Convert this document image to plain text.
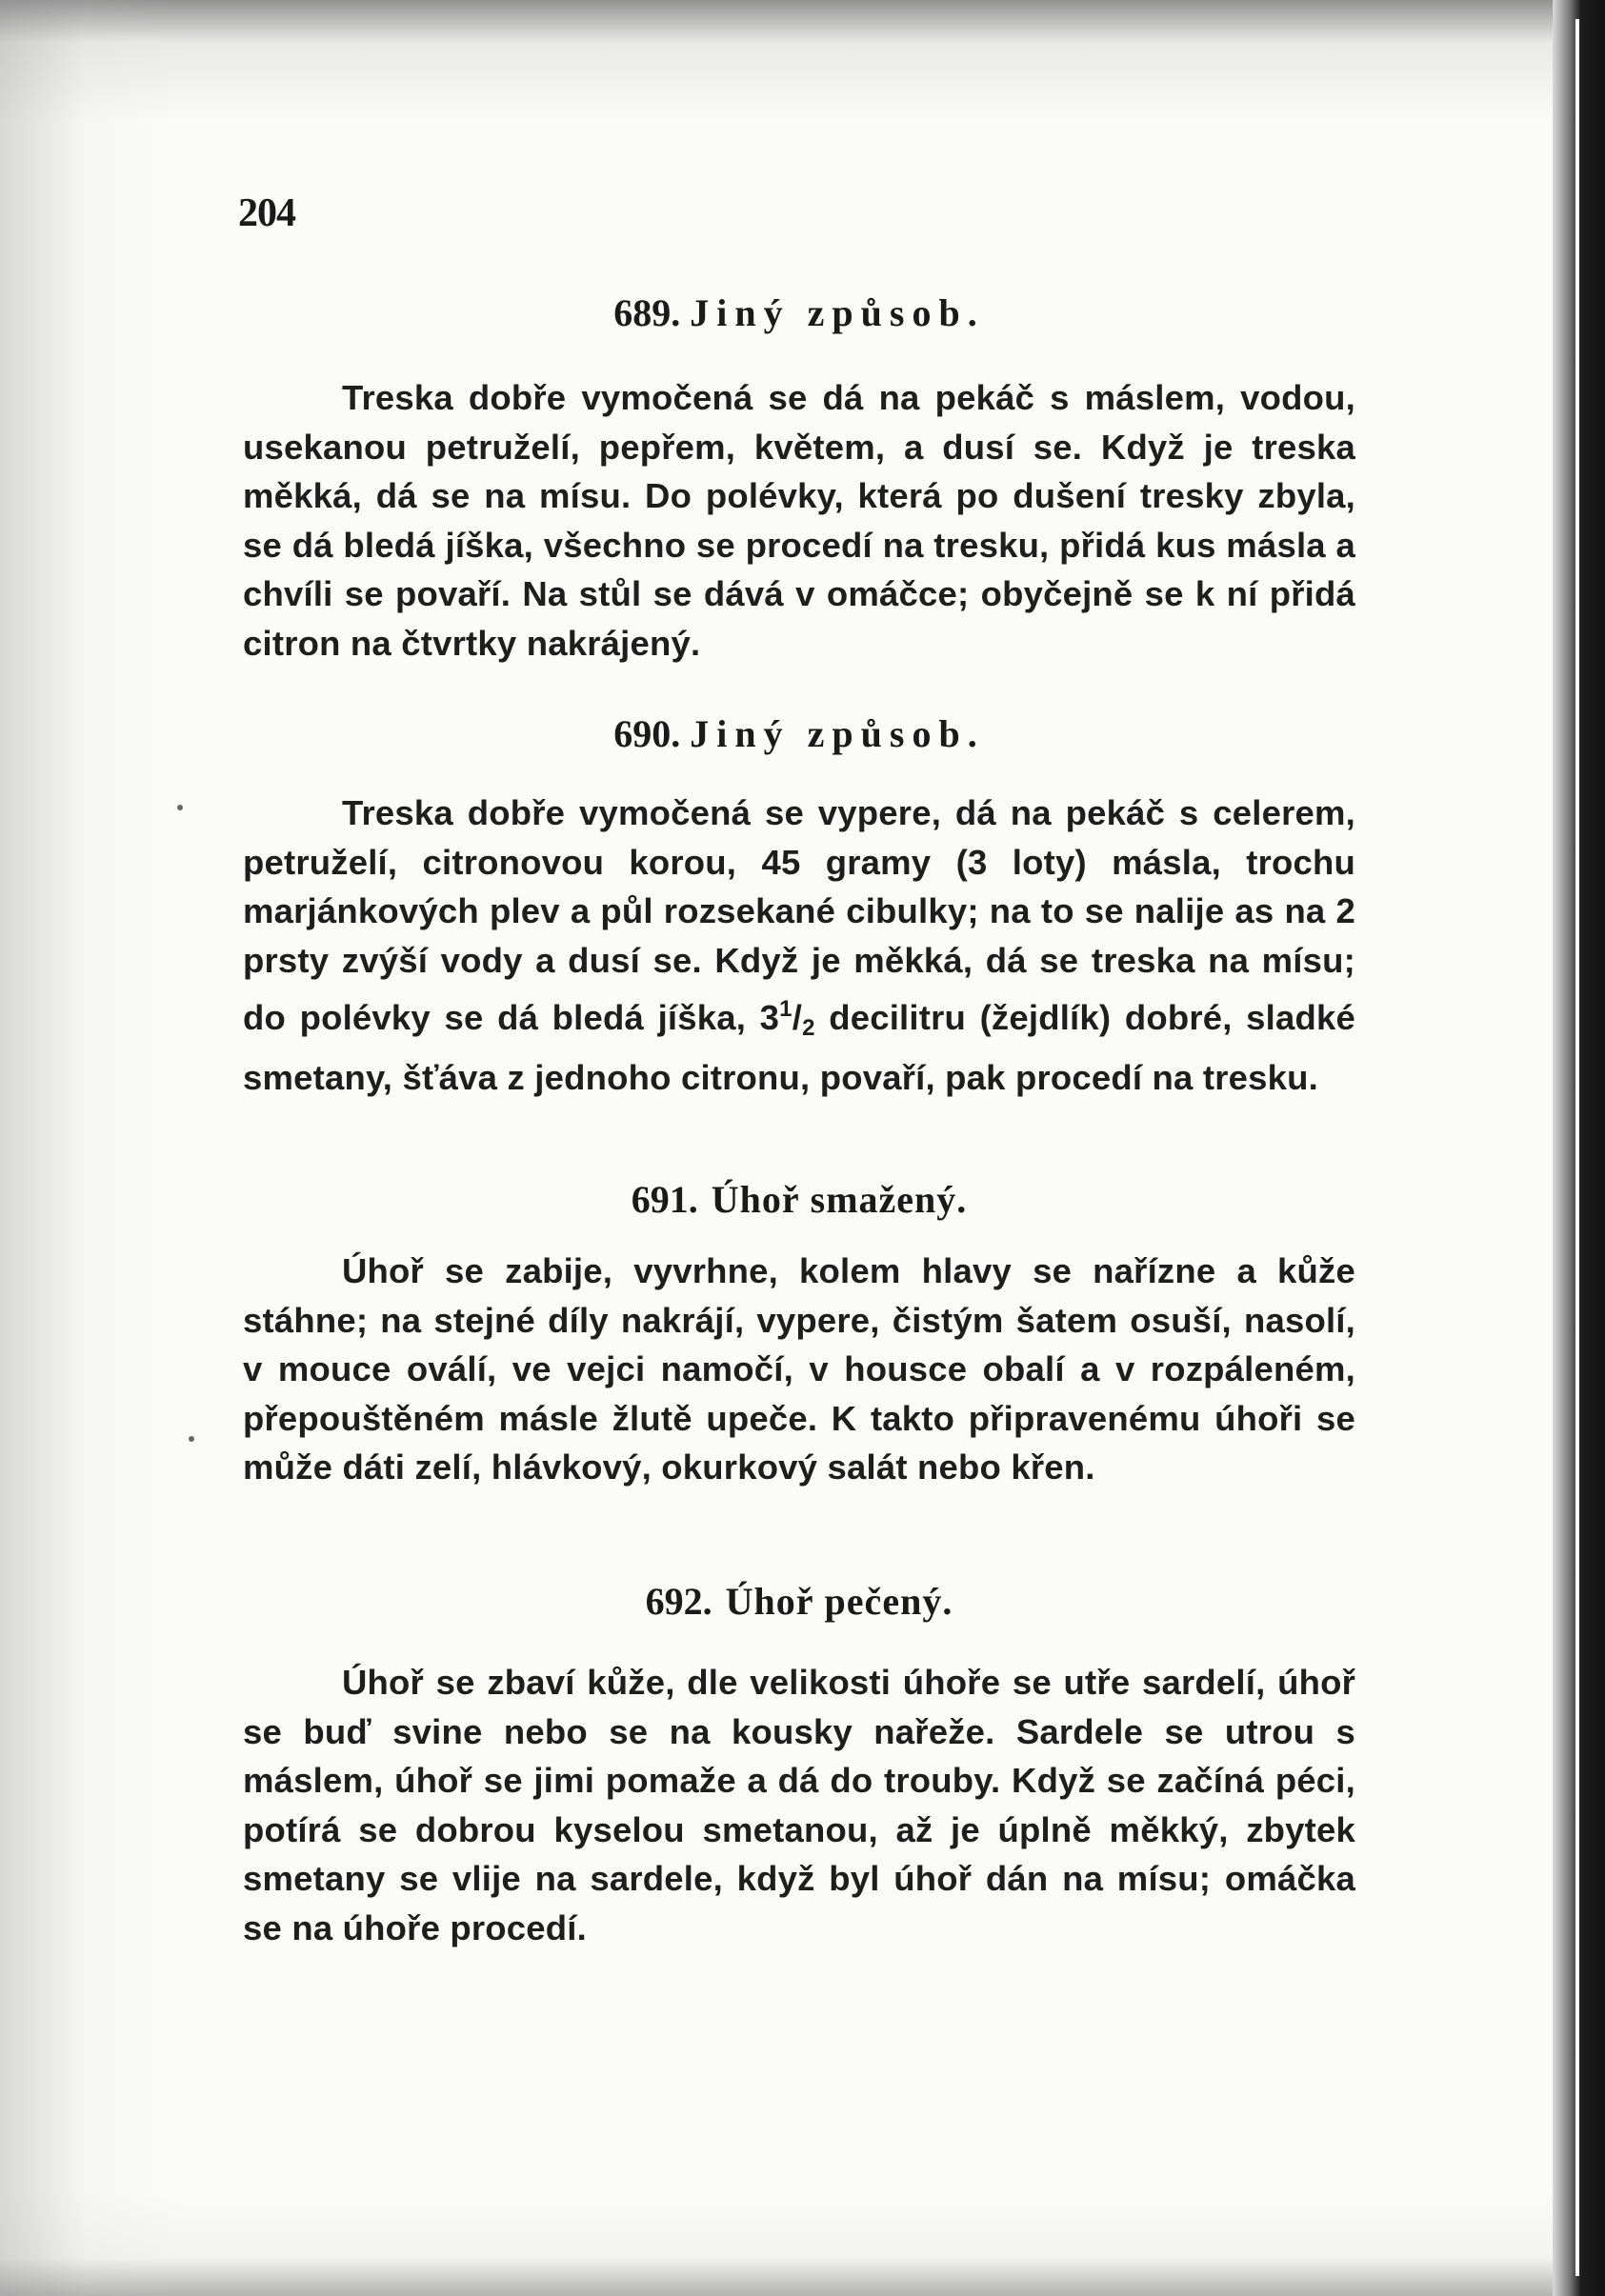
204
689. Jiný způsob.

Treska dobře vymočená se dá na pekáč s máslem, vodou, usekanou petruželí, pepřem, květem, a dusí se. Když je treska měkká, dá se na mísu. Do polévky, která po dušení tresky zbyla, se dá bledá jíška, všechno se procedí na tresku, přidá kus másla a chvíli se povaří. Na stůl se dává v omáčce; obyčejně se k ní přidá citron na čtvrtky nakrájený.

690. Jiný způsob.

Treska dobře vymočená se vypere, dá na pekáč s celerem, petruželí, citronovou korou, 45 gramy (3 loty) másla, trochu marjánkových plev a půl rozsekané cibulky; na to se nalije as na 2 prsty zvýší vody a dusí se. Když je měkká, dá se treska na mísu; do polévky se dá bledá jíška, $3^1/_2$ decilitru (žejdlík) dobré, sladké smetany, šťáva z jednoho citronu, povaří, pak procedí na tresku.

691. Úhoř smažený.

Úhoř se zabije, vyvrhne, kolem hlavy se nařízne a kůže stáhne; na stejné díly nakrájí, vypere, čistým šatem osuší, nasolí, v mouce oválí, ve vejci namočí, v housce obalí a v rozpáleném, přepouštěném másle žlutě upeče. K takto připravenému úhoři se může dáti zelí, hlávkový, okurkový salát nebo křen.

692. Úhoř pečený.

Úhoř se zbaví kůže, dle velikosti úhoře se utře sardelí, úhoř se buď svine nebo se na kousky nařeže. Sardele se utrou s máslem, úhoř se jimi pomaže a dá do trouby. Když se začíná péci, potírá se dobrou kyselou smetanou, až je úplně měkký, zbytek smetany se vlije na sardele, když byl úhoř dán na mísu; omáčka se na úhoře procedí.
